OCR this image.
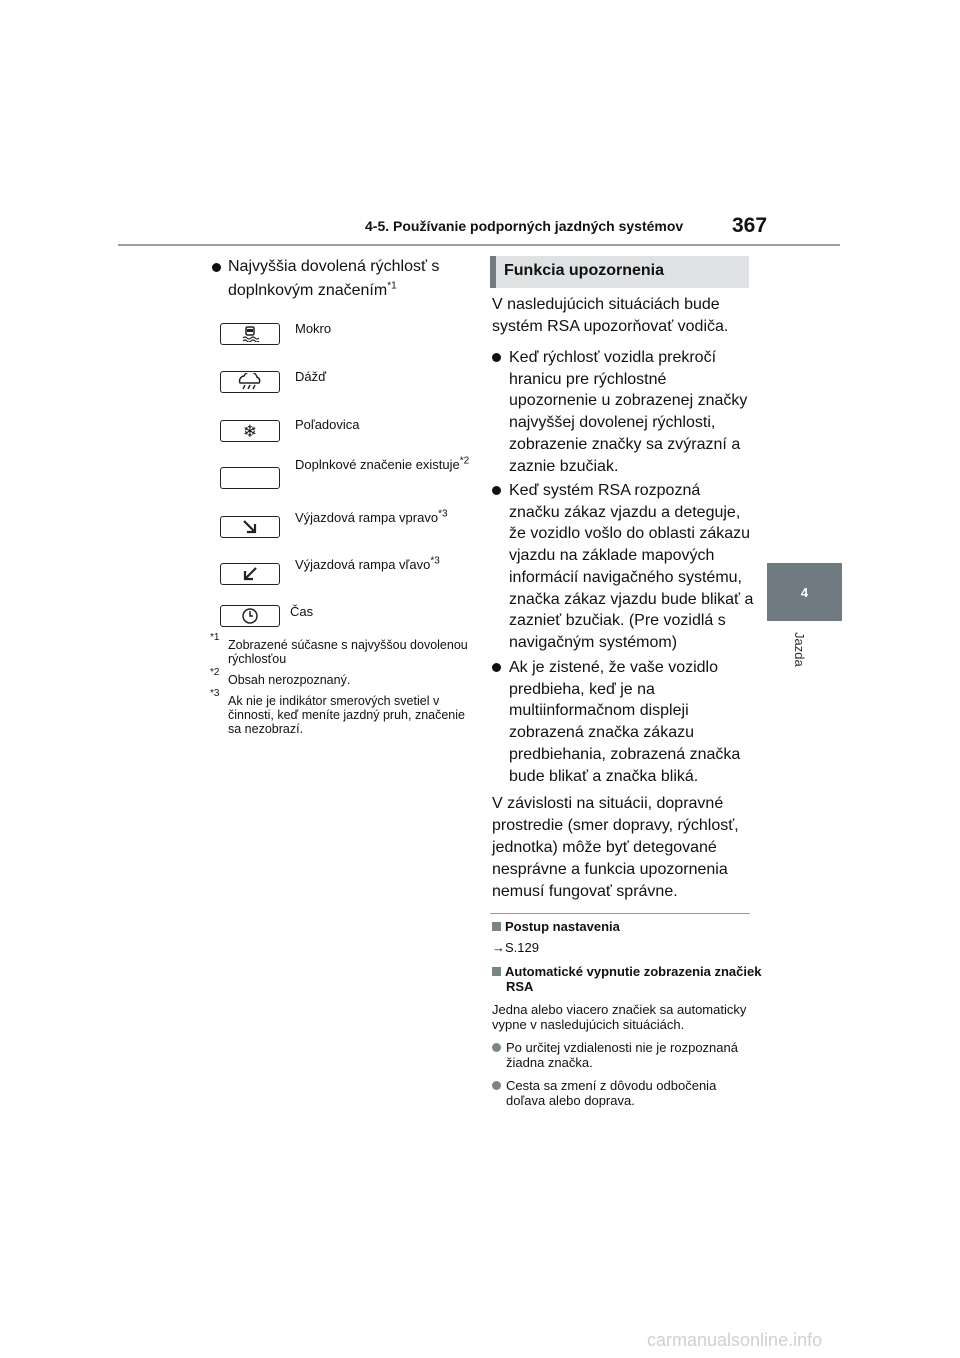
4-5. Používanie podporných jazdných systémov 367
4
Jazda
Najvyššia dovolená rýchlosť s doplnkovým značením$^{*1}$
Mokro
Dážď
❄	Poľadovica
Doplnkové značenie existuje$^{*2}$
Výjazdová rampa vpravo$^{*3}$
Výjazdová rampa vľavo$^{*3}$
Čas
*1
Zobrazené súčasne s najvyššou dovolenou rýchlosťou
*2
Obsah nerozpoznaný.
*3
Ak nie je indikátor smerových svetiel v činnosti, keď meníte jazdný pruh, značenie sa nezobrazí.
Funkcia upozornenia
V nasledujúcich situáciách bude systém RSA upozorňovať vodiča.
Keď rýchlosť vozidla prekročí hranicu pre rýchlostné upozornenie u zobrazenej značky najvyššej dovolenej rýchlosti, zobrazenie značky sa zvýrazní a zaznie bzučiak.
Keď systém RSA rozpozná značku zákaz vjazdu a deteguje, že vozidlo vošlo do oblasti zákazu vjazdu na základe mapových informácií navigačného systému, značka zákaz vjazdu bude blikať a zaznieť bzučiak. (Pre vozidlá s navigačným systémom)
Ak je zistené, že vaše vozidlo predbieha, keď je na multiinformačnom displeji zobrazená značka zákazu predbiehania, zobrazená značka bude blikať a značka bliká.
V závislosti na situácii, dopravné prostredie (smer dopravy, rýchlosť, jednotka) môže byť detegované nesprávne a funkcia upozornenia nemusí fungovať správne.
Postup nastavenia
→S.129
Automatické vypnutie zobrazenia značiek RSA
Jedna alebo viacero značiek sa automaticky vypne v nasledujúcich situáciách.
Po určitej vzdialenosti nie je rozpoznaná žiadna značka.
Cesta sa zmení z dôvodu odbočenia doľava alebo doprava.
carmanualsonline.info
